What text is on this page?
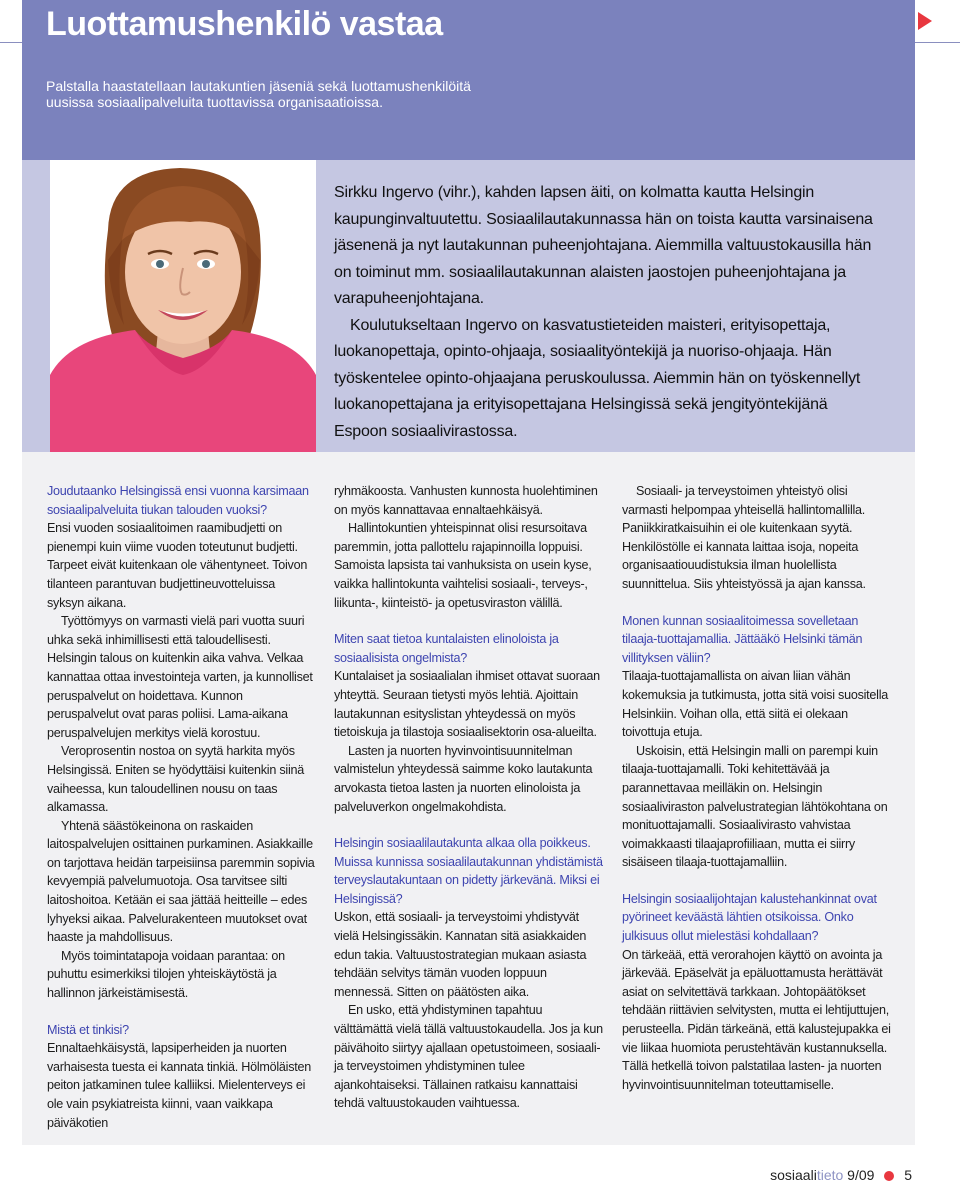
Luottamushenkilö vastaa

Palstalla haastatellaan lautakuntien jäseniä sekä luottamushenkilöitä uusissa sosiaalipalveluita tuottavissa organisaatioissa.

Sirkku Ingervo (vihr.), kahden lapsen äiti, on kolmatta kautta Helsingin kaupunginvaltuutettu. Sosiaalilautakunnassa hän on toista kautta varsinaisena jäsenenä ja nyt lautakunnan puheenjohtajana. Aiemmilla valtuustokausilla hän on toiminut mm. sosiaalilautakunnan alaisten jaostojen puheenjohtajana ja varapuheenjohtajana.

Koulutukseltaan Ingervo on kasvatustieteiden maisteri, erityisopettaja, luokanopettaja, opinto-ohjaaja, sosiaalityöntekijä ja nuoriso-ohjaaja. Hän työskentelee opinto-ohjaajana peruskoulussa. Aiemmin hän on työskennellyt luokanopettajana ja erityisopettajana Helsingissä sekä jengityöntekijänä Espoon sosiaalivirastossa.

Joudutaanko Helsingissä ensi vuonna karsimaan sosiaalipalveluita tiukan talouden vuoksi?

Ensi vuoden sosiaalitoimen raamibudjetti on pienempi kuin viime vuoden toteutunut budjetti. Tarpeet eivät kuitenkaan ole vähentyneet. Toivon tilanteen parantuvan budjettineuvotteluissa syksyn aikana.

Työttömyys on varmasti vielä pari vuotta suuri uhka sekä inhimillisesti että taloudellisesti. Helsingin talous on kuitenkin aika vahva. Velkaa kannattaa ottaa investointeja varten, ja kunnolliset peruspalvelut on hoidettava. Kunnon peruspalvelut ovat paras poliisi. Lama-aikana peruspalvelujen merkitys vielä korostuu.

Veroprosentin nostoa on syytä harkita myös Helsingissä. Eniten se hyödyttäisi kuitenkin siinä vaiheessa, kun taloudellinen nousu on taas alkamassa.

Yhtenä säästökeinona on raskaiden laitospalvelujen osittainen purkaminen. Asiakkaille on tarjottava heidän tarpeisiinsa paremmin sopivia kevyempiä palvelumuotoja. Osa tarvitsee silti laitoshoitoa. Ketään ei saa jättää heitteille – edes lyhyeksi aikaa. Palvelurakenteen muutokset ovat haaste ja mahdollisuus.

Myös toimintatapoja voidaan parantaa: on puhuttu esimerkiksi tilojen yhteiskäytöstä ja hallinnon järkeistämisestä.

Mistä et tinkisi?

Ennaltaehkäisystä, lapsiperheiden ja nuorten varhaisesta tuesta ei kannata tinkiä. Hölmöläisten peiton jatkaminen tulee kalliiksi. Mielenterveys ei ole vain psykiatreista kiinni, vaan vaikkapa päiväkotien

ryhmäkoosta. Vanhusten kunnosta huolehtiminen on myös kannattavaa ennaltaehkäisyä.

Hallintokuntien yhteispinnat olisi resursoitava paremmin, jotta pallottelu rajapinnoilla loppuisi. Samoista lapsista tai vanhuksista on usein kyse, vaikka hallintokunta vaihtelisi sosiaali-, terveys-, liikunta-, kiinteistö- ja opetusviraston välillä.

Miten saat tietoa kuntalaisten elinoloista ja sosiaalisista ongelmista?

Kuntalaiset ja sosiaalialan ihmiset ottavat suoraan yhteyttä. Seuraan tietysti myös lehtiä. Ajoittain lautakunnan esityslistan yhteydessä on myös tietoiskuja ja tilastoja sosiaalisektorin osa-alueilta.

Lasten ja nuorten hyvinvointisuunnitelman valmistelun yhteydessä saimme koko lautakunta arvokasta tietoa lasten ja nuorten elinoloista ja palveluverkon ongelmakohdista.

Helsingin sosiaalilautakunta alkaa olla poikkeus. Muissa kunnissa sosiaalilautakunnan yhdistämistä terveyslautakuntaan on pidetty järkevänä. Miksi ei Helsingissä?

Uskon, että sosiaali- ja terveystoimi yhdistyvät vielä Helsingissäkin. Kannatan sitä asiakkaiden edun takia. Valtuustostrategian mukaan asiasta tehdään selvitys tämän vuoden loppuun mennessä. Sitten on päätösten aika.

En usko, että yhdistyminen tapahtuu välttämättä vielä tällä valtuustokaudella. Jos ja kun päivähoito siirtyy ajallaan opetustoimeen, sosiaali- ja terveystoimen yhdistyminen tulee ajankohtaiseksi. Tällainen ratkaisu kannattaisi tehdä valtuustokauden vaihtuessa.

Sosiaali- ja terveystoimen yhteistyö olisi varmasti helpompaa yhteisellä hallintomallilla. Paniikkiratkaisuihin ei ole kuitenkaan syytä. Henkilöstölle ei kannata laittaa isoja, nopeita organisaatiouudistuksia ilman huolellista suunnittelua. Siis yhteistyössä ja ajan kanssa.

Monen kunnan sosiaalitoimessa sovelletaan tilaaja-tuottajamallia. Jättääkö Helsinki tämän villityksen väliin?

Tilaaja-tuottajamallista on aivan liian vähän kokemuksia ja tutkimusta, jotta sitä voisi suositella Helsinkiin. Voihan olla, että siitä ei olekaan toivottuja etuja.

Uskoisin, että Helsingin malli on parempi kuin tilaaja-tuottajamalli. Toki kehitettävää ja parannettavaa meilläkin on. Helsingin sosiaaliviraston palvelustrategian lähtökohtana on monituottajamalli. Sosiaalivirasto vahvistaa voimakkaasti tilaajaprofiiliaan, mutta ei siirry sisäiseen tilaaja-tuottajamalliin.

Helsingin sosiaalijohtajan kalustehankinnat ovat pyörineet keväästä lähtien otsikoissa. Onko julkisuus ollut mielestäsi kohdallaan?

On tärkeää, että verorahojen käyttö on avointa ja järkevää. Epäselvät ja epäluottamusta herättävät asiat on selvitettävä tarkkaan. Johtopäätökset tehdään riittävien selvitysten, mutta ei lehtijuttujen, perusteella. Pidän tärkeänä, että kalustejupakka ei vie liikaa huomiota perustehtävän kustannuksella. Tällä hetkellä toivon palstatilaa lasten- ja nuorten hyvinvointisuunnitelman toteuttamiselle.

sosiaalitieto 9/09 5
